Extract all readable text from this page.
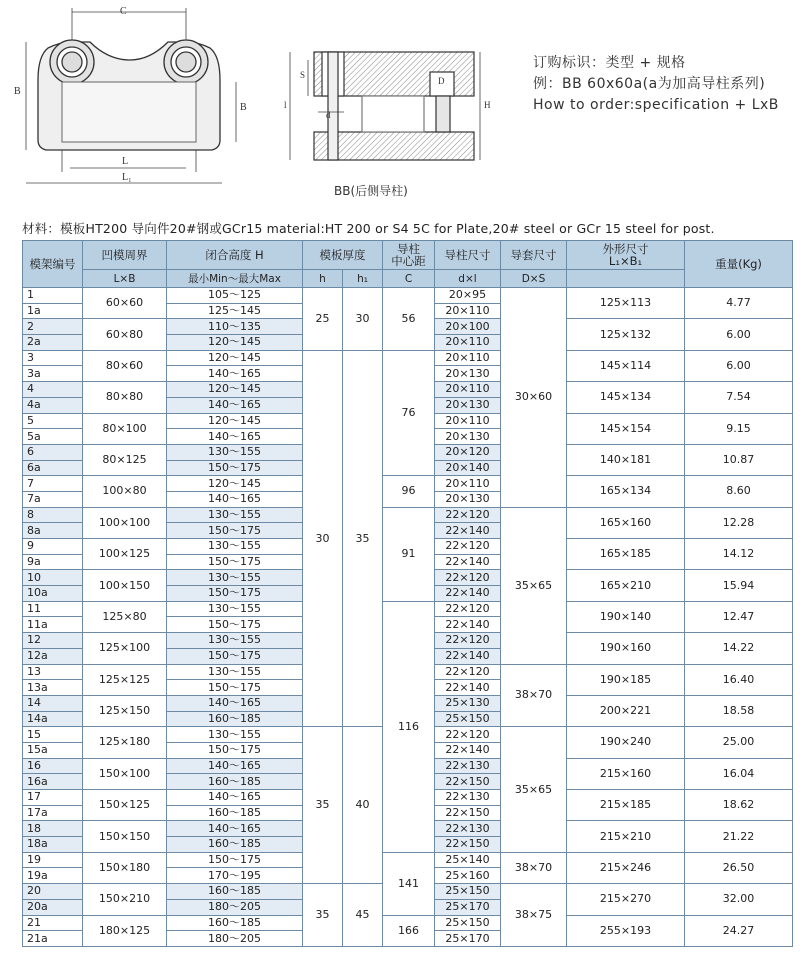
C
B
B
L
L₁
S
l
d
D
H
BB(后侧导柱)
订购标识：类型 + 规格
例：BB 60x60a(a为加高导柱系列)
How to order:specification + LxB
材料：模板HT200 导向件20#钢或GCr15 material:HT 200 or S4 5C for Plate,20# steel or GCr 15 steel for post.
模架编号	凹模周界	闭合高度 H	模板厚度		导柱
中心距	导柱尺寸	导套尺寸	外形尺寸
L₁×B₁	重量(Kg)
	L×B	最小Min～最大Max	h	h₁	C	d×l	D×S		
1	60×60	105～125	25	30	56	20×95	30×60	125×113	4.77
1a		125～145				20×110			
2	60×80	110～135				20×100		125×132	6.00
2a		120～145				20×110			
3	80×60	120～145	30	35	76	20×110		145×114	6.00
3a		140～165				20×130			
4	80×80	120～145				20×110		145×134	7.54
4a		140～165				20×130			
5	80×100	120～145				20×110		145×154	9.15
5a		140～165				20×130			
6	80×125	130～155				20×120		140×181	10.87
6a		150～175				20×140			
7	100×80	120～145			96	20×110		165×134	8.60
7a		140～165				20×130			
8	100×100	130～155			91	22×120	35×65	165×160	12.28
8a		150～175				22×140			
9	100×125	130～155				22×120		165×185	14.12
9a		150～175				22×140			
10	100×150	130～155				22×120		165×210	15.94
10a		150～175				22×140			
11	125×80	130～155			116	22×120		190×140	12.47
11a		150～175				22×140			
12	125×100	130～155				22×120		190×160	14.22
12a		150～175				22×140			
13	125×125	130～155				22×120	38×70	190×185	16.40
13a		150～175				22×140			
14	125×150	140～165				25×130		200×221	18.58
14a		160～185				25×150			
15	125×180	130～155	35	40		22×120	35×65	190×240	25.00
15a		150～175				22×140			
16	150×100	140～165				22×130		215×160	16.04
16a		160～185				22×150			
17	150×125	140～165				22×130		215×185	18.62
17a		160～185				22×150			
18	150×150	140～165				22×130		215×210	21.22
18a		160～185				22×150			
19	150×180	150～175			141	25×140	38×70	215×246	26.50
19a		170～195				25×160			
20	150×210	160～185	35	45		25×150	38×75	215×270	32.00
20a		180～205				25×170			
21	180×125	160～185			166	25×150		255×193	24.27
21a		180～205				25×170			
